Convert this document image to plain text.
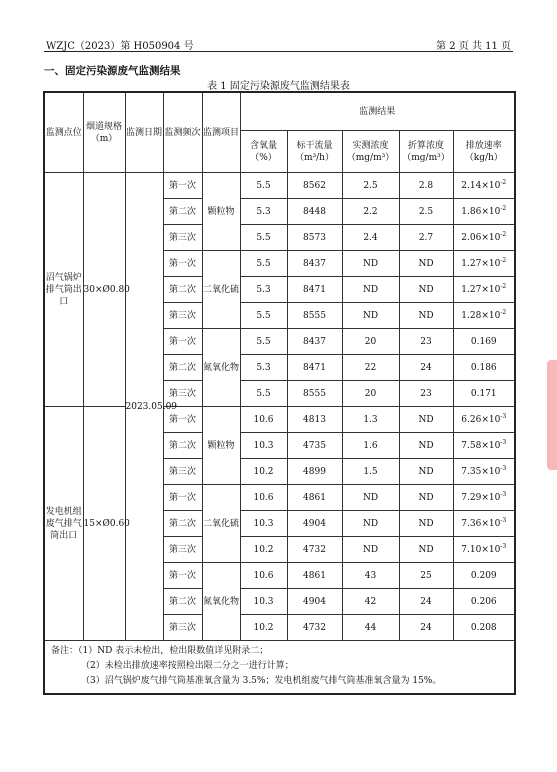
WZJC（2023）第 H050904 号	第 2 页 共 11 页
一、固定污染源废气监测结果
表 1 固定污染源废气监测结果表
监测点位	烟道规格（m）	监测日期	监测频次	监测项目	监测结果				
					含氧量（%）	标干流量（m³/h）	实测浓度（mg/m³）	折算浓度（mg/m³）	排放速率（kg/h）
沼气锅炉排气筒出口	30×Ø0.80	2023.05.09	第一次	颗粒物	5.5	8562	2.5	2.8	$2.14\times 10^{-2}$
			第二次		5.3	8448	2.2	2.5	$1.86\times 10^{-2}$
			第三次		5.5	8573	2.4	2.7	$2.06\times 10^{-2}$
			第一次	二氧化硫	5.5	8437	ND	ND	$1.27\times 10^{-2}$
			第二次		5.3	8471	ND	ND	$1.27\times 10^{-2}$
			第三次		5.5	8555	ND	ND	$1.28\times 10^{-2}$
			第一次	氮氧化物	5.5	8437	20	23	0.169
			第二次		5.3	8471	22	24	0.186
			第三次		5.5	8555	20	23	0.171
发电机组废气排气筒出口	15×Ø0.60		第一次	颗粒物	10.6	4813	1.3	ND	$6.26\times 10^{-3}$
			第二次		10.3	4735	1.6	ND	$7.58\times 10^{-3}$
			第三次		10.2	4899	1.5	ND	$7.35\times 10^{-3}$
			第一次	二氧化硫	10.6	4861	ND	ND	$7.29\times 10^{-3}$
			第二次		10.3	4904	ND	ND	$7.36\times 10^{-3}$
			第三次		10.2	4732	ND	ND	$7.10\times 10^{-3}$
			第一次	氮氧化物	10.6	4861	43	25	0.209
			第二次		10.3	4904	42	24	0.206
			第三次		10.2	4732	44	24	0.208

备注：（1）ND 表示未检出，检出限数值详见附录二；
（2）未检出排放速率按照检出限二分之一进行计算；
（3）沼气锅炉废气排气筒基准氧含量为 3.5%；发电机组废气排气筒基准氧含量为 15%。									
